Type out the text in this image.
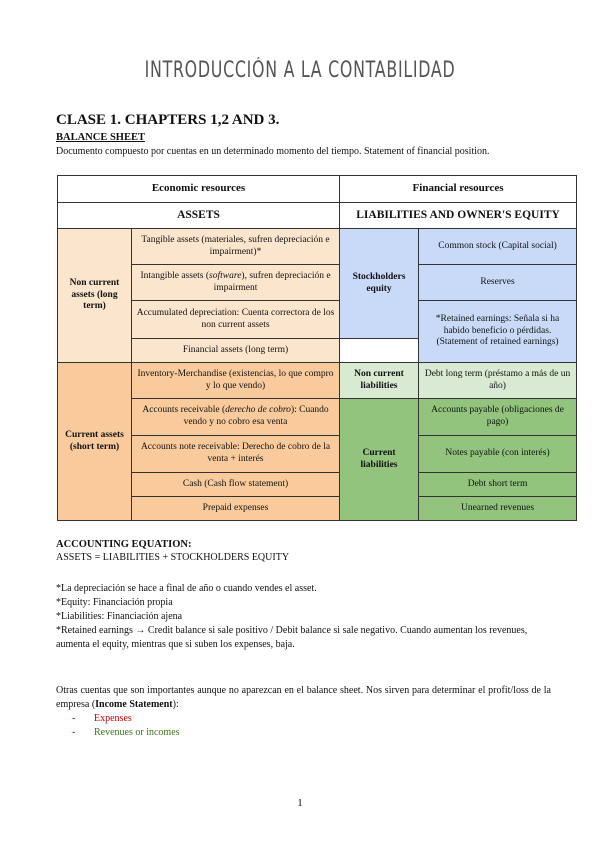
INTRODUCCIÓN A LA CONTABILIDAD
CLASE 1. CHAPTERS 1,2 AND 3.
BALANCE SHEET
Documento compuesto por cuentas en un determinado momento del tiempo. Statement of financial position.
Economic resources		Financial resources	
ASSETS		LIABILITIES AND OWNER'S EQUITY	
Non current assets (long term)	Tangible assets (materiales, sufren depreciación e impairment)*	Stockholders equity	Common stock (Capital social)
	Intangible assets (software), sufren depreciación e impairment		Reserves
	Accumulated depreciation: Cuenta correctora de los non current assets		*Retained earnings: Señala si ha habido beneficio o pérdidas. (Statement of retained earnings)
	Financial assets (long term)		
Current assets (short term)	Inventory-Merchandise (existencias, lo que compro y lo que vendo)	Non current liabilities	Debt long term (préstamo a más de un año)
	Accounts receivable (derecho de cobro): Cuando vendo y no cobro esa venta	Current liabilities	Accounts payable (obligaciones de pago)
	Accounts note receivable: Derecho de cobro de la venta + interés		Notes payable (con interés)
	Cash (Cash flow statement)		Debt short term
	Prepaid expenses		Unearned revenues
ACCOUNTING EQUATION:
ASSETS = LIABILITIES + STOCKHOLDERS EQUITY

*La depreciación se hace a final de año o cuando vendes el asset.

*Equity: Financiación propia

*Liabilities: Financiación ajena

*Retained earnings → Credit balance si sale positivo / Debit balance si sale negativo. Cuando aumentan los revenues, aumenta el equity, mientras que si suben los expenses, baja.

Otras cuentas que son importantes aunque no aparezcan en el balance sheet. Nos sirven para determinar el profit/loss de la empresa (Income Statement):
- Expenses
- Revenues or incomes
1
